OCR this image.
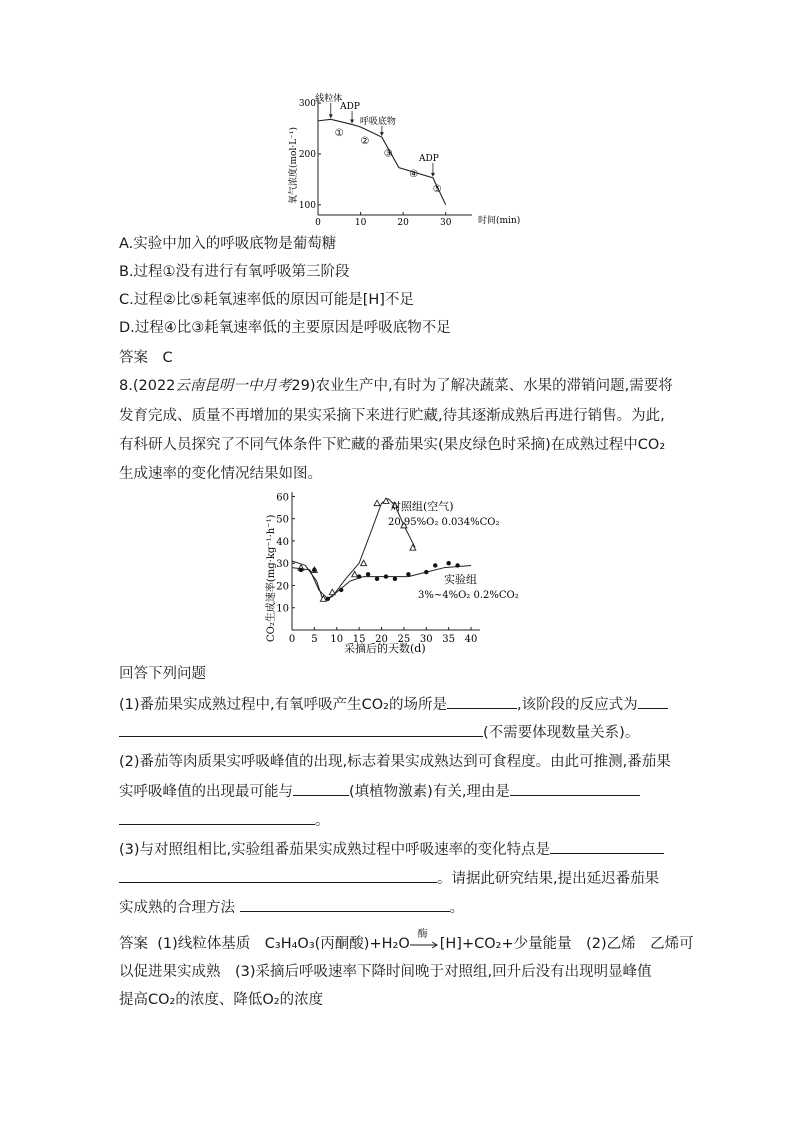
0	10	20	30
100
200
300
线粒体
ADP
呼吸底物
ADP
①
②
③
④
⑤
时间(min)
氧气浓度(mol·L⁻¹)
A.实验中加入的呼吸底物是葡萄糖
B.过程①没有进行有氧呼吸第三阶段
C.过程②比⑤耗氧速率低的原因可能是[H]不足
D.过程④比③耗氧速率低的主要原因是呼吸底物不足
答案　C
8.(2022云南昆明一中月考29)农业生产中,有时为了解决蔬菜、水果的滞销问题,需要将
发育完成、质量不再增加的果实采摘下来进行贮藏,待其逐渐成熟后再进行销售。为此,
有科研人员探究了不同气体条件下贮藏的番茄果实(果皮绿色时采摘)在成熟过程中CO₂
生成速率的变化情况结果如图。
0 5 10 15 20 25 30 35 40
10
20
30
40
50
60
采摘后的天数(d)
CO₂生成速率(mg·kg⁻¹·h⁻¹)
对照组(空气)
20.95%O₂ 0.034%CO₂
实验组
3%~4%O₂ 0.2%CO₂
回答下列问题
(1)番茄果实成熟过程中,有氧呼吸产生CO₂的场所是	,该阶段的反应式为
(不需要体现数量关系)。
(2)番茄等肉质果实呼吸峰值的出现,标志着果实成熟达到可食程度。由此可推测,番茄果
实呼吸峰值的出现最可能与	(填植物激素)有关,理由是
。
(3)与对照组相比,实验组番茄果实成熟过程中呼吸速率的变化特点是
。请据此研究结果,提出延迟番茄果
实成熟的合理方法	。
答案 (1)线粒体基质　C₃H₄O₃(丙酮酸)+H₂O
酶
[H]+CO₂+少量能量　(2)乙烯　乙烯可
以促进果实成熟　(3)采摘后呼吸速率下降时间晚于对照组,回升后没有出现明显峰值
提高CO₂的浓度、降低O₂的浓度
